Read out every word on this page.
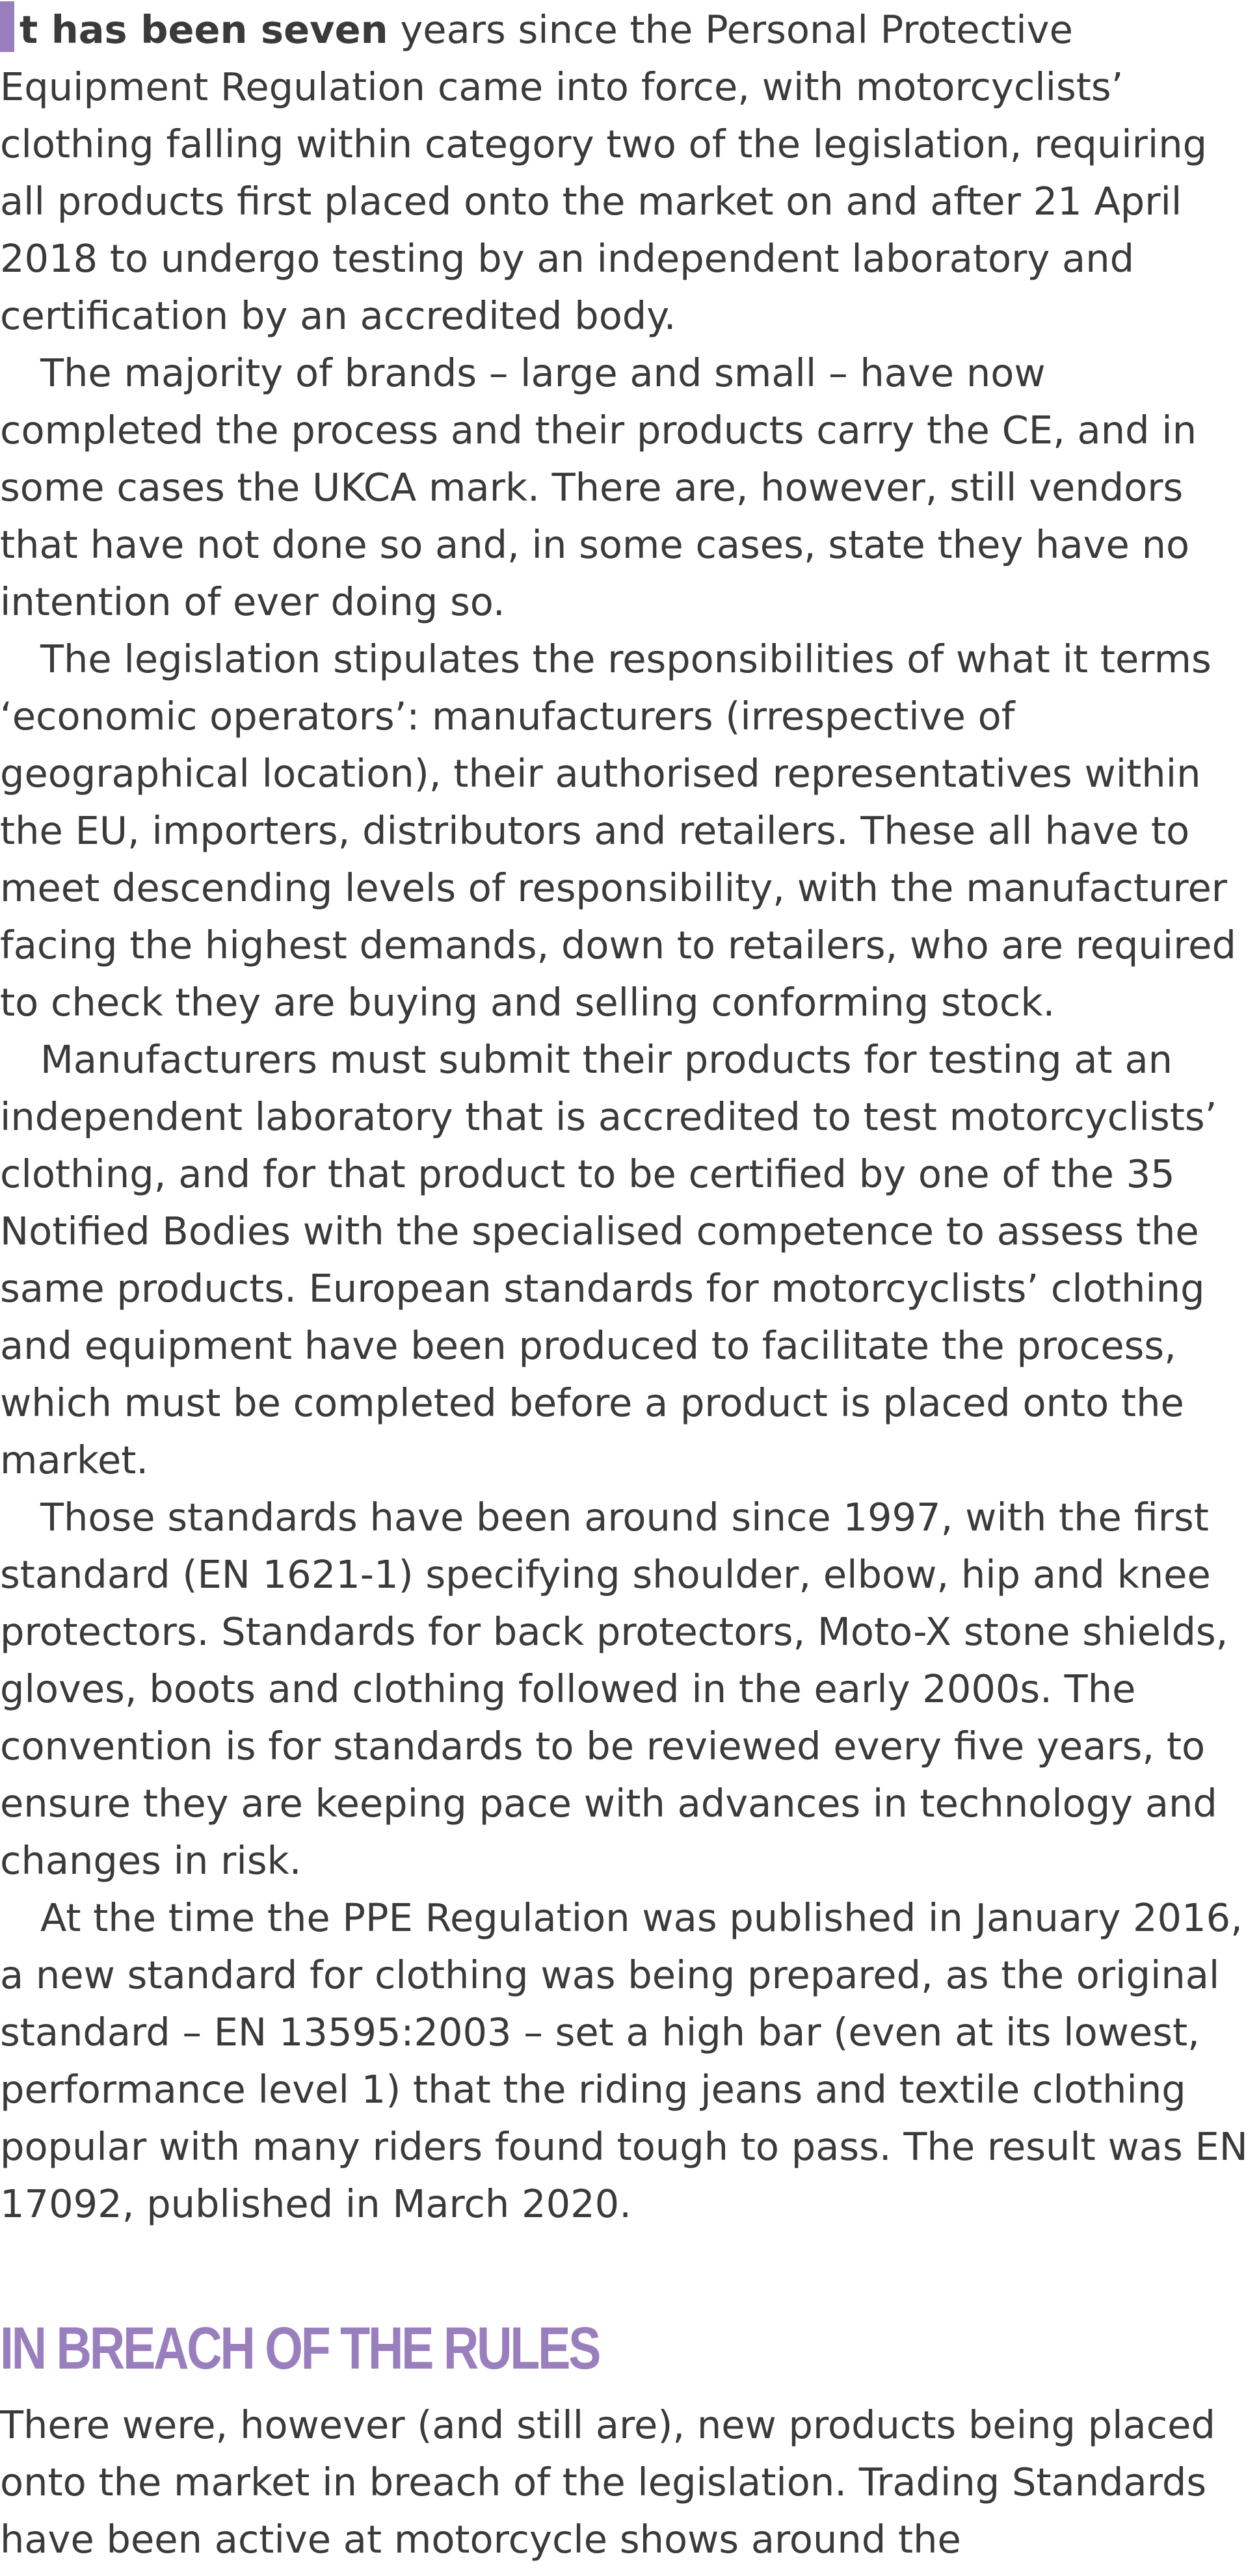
t has been seven years since the Personal Protective Equipment Regulation came into force, with motorcyclists’ clothing falling within category two of the legislation, requiring all products first placed onto the market on and after 21 April 2018 to undergo testing by an independent laboratory and certification by an accredited body.

The majority of brands – large and small – have now completed the process and their products carry the CE, and in some cases the UKCA mark. There are, however, still vendors that have not done so and, in some cases, state they have no intention of ever doing so.

The legislation stipulates the responsibilities of what it terms ‘economic operators’: manufacturers (irrespective of geographical location), their authorised representatives within the EU, importers, distributors and retailers. These all have to meet descending levels of responsibility, with the manufacturer facing the highest demands, down to retailers, who are required to check they are buying and selling conforming stock.

Manufacturers must submit their products for testing at an independent laboratory that is accredited to test motorcyclists’ clothing, and for that product to be certified by one of the 35 Notified Bodies with the specialised competence to assess the same products. European standards for motorcyclists’ clothing and equipment have been produced to facilitate the process, which must be completed before a product is placed onto the market.

Those standards have been around since 1997, with the first standard (EN 1621-1) specifying shoulder, elbow, hip and knee protectors. Standards for back protectors, Moto-X stone shields, gloves, boots and clothing followed in the early 2000s. The convention is for standards to be reviewed every five years, to ensure they are keeping pace with advances in technology and changes in risk.

At the time the PPE Regulation was published in January 2016, a new standard for clothing was being prepared, as the original standard – EN 13595:2003 – set a high bar (even at its lowest, performance level 1) that the riding jeans and textile clothing popular with many riders found tough to pass. The result was EN 17092, published in March 2020.

IN BREACH OF THE RULES

There were, however (and still are), new products being placed onto the market in breach of the legislation. Trading Standards have been active at motorcycle shows around the
